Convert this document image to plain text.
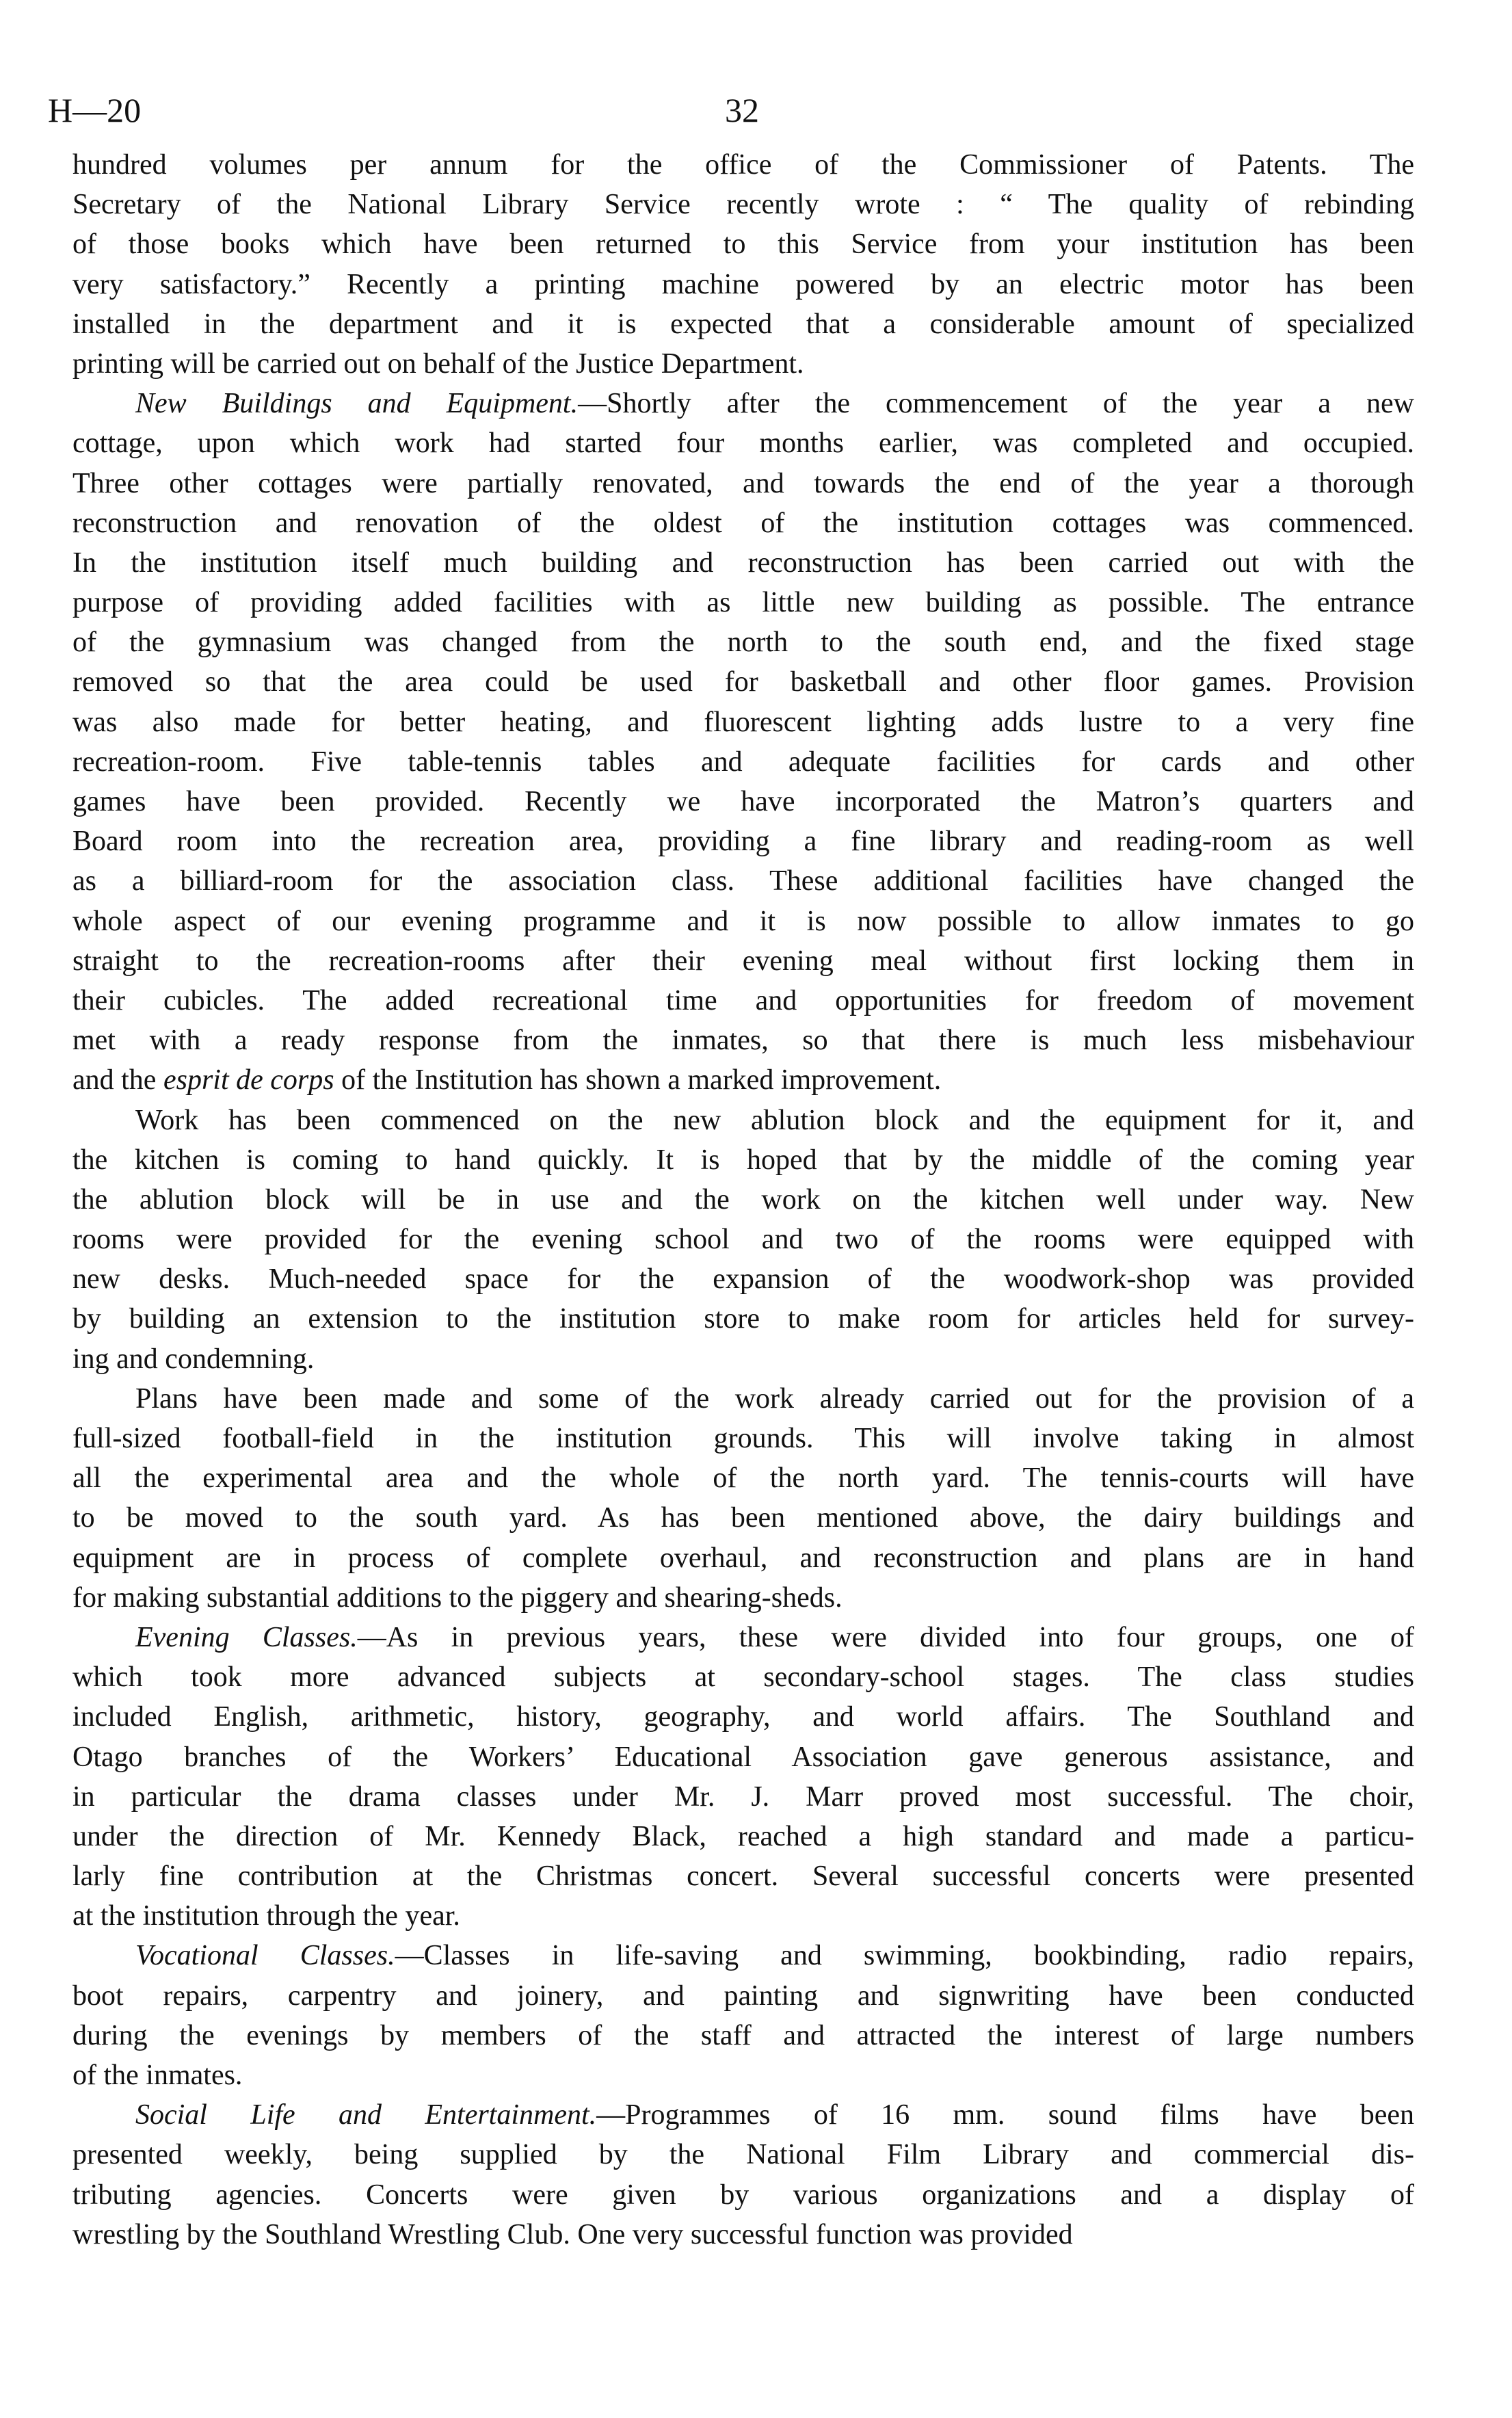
H—20	32
hundred volumes per annum for the office of the Commissioner of Patents. The
Secretary of the National Library Service recently wrote : “ The quality of rebinding
of those books which have been returned to this Service from your institution has been
very satisfactory.” Recently a printing machine powered by an electric motor has been
installed in the department and it is expected that a considerable amount of specialized
printing will be carried out on behalf of the Justice Department.
New Buildings and Equipment.—Shortly after the commencement of the year a new
cottage, upon which work had started four months earlier, was completed and occupied.
Three other cottages were partially renovated, and towards the end of the year a thorough
reconstruction and renovation of the oldest of the institution cottages was commenced.
In the institution itself much building and reconstruction has been carried out with the
purpose of providing added facilities with as little new building as possible. The entrance
of the gymnasium was changed from the north to the south end, and the fixed stage
removed so that the area could be used for basketball and other floor games. Provision
was also made for better heating, and fluorescent lighting adds lustre to a very fine
recreation-room. Five table-tennis tables and adequate facilities for cards and other
games have been provided. Recently we have incorporated the Matron’s quarters and
Board room into the recreation area, providing a fine library and reading-room as well
as a billiard-room for the association class. These additional facilities have changed the
whole aspect of our evening programme and it is now possible to allow inmates to go
straight to the recreation-rooms after their evening meal without first locking them in
their cubicles. The added recreational time and opportunities for freedom of movement
met with a ready response from the inmates, so that there is much less misbehaviour
and the esprit de corps of the Institution has shown a marked improvement.
Work has been commenced on the new ablution block and the equipment for it, and
the kitchen is coming to hand quickly. It is hoped that by the middle of the coming year
the ablution block will be in use and the work on the kitchen well under way. New
rooms were provided for the evening school and two of the rooms were equipped with
new desks. Much-needed space for the expansion of the woodwork-shop was provided
by building an extension to the institution store to make room for articles held for survey-
ing and condemning.
Plans have been made and some of the work already carried out for the provision of a
full-sized football-field in the institution grounds. This will involve taking in almost
all the experimental area and the whole of the north yard. The tennis-courts will have
to be moved to the south yard. As has been mentioned above, the dairy buildings and
equipment are in process of complete overhaul, and reconstruction and plans are in hand
for making substantial additions to the piggery and shearing-sheds.
Evening Classes.—As in previous years, these were divided into four groups, one of
which took more advanced subjects at secondary-school stages. The class studies
included English, arithmetic, history, geography, and world affairs. The Southland and
Otago branches of the Workers’ Educational Association gave generous assistance, and
in particular the drama classes under Mr. J. Marr proved most successful. The choir,
under the direction of Mr. Kennedy Black, reached a high standard and made a particu-
larly fine contribution at the Christmas concert. Several successful concerts were presented
at the institution through the year.
Vocational Classes.—Classes in life-saving and swimming, bookbinding, radio repairs,
boot repairs, carpentry and joinery, and painting and signwriting have been conducted
during the evenings by members of the staff and attracted the interest of large numbers
of the inmates.
Social Life and Entertainment.—Programmes of 16 mm. sound films have been
presented weekly, being supplied by the National Film Library and commercial dis-
tributing agencies. Concerts were given by various organizations and a display of
wrestling by the Southland Wrestling Club. One very successful function was provided
